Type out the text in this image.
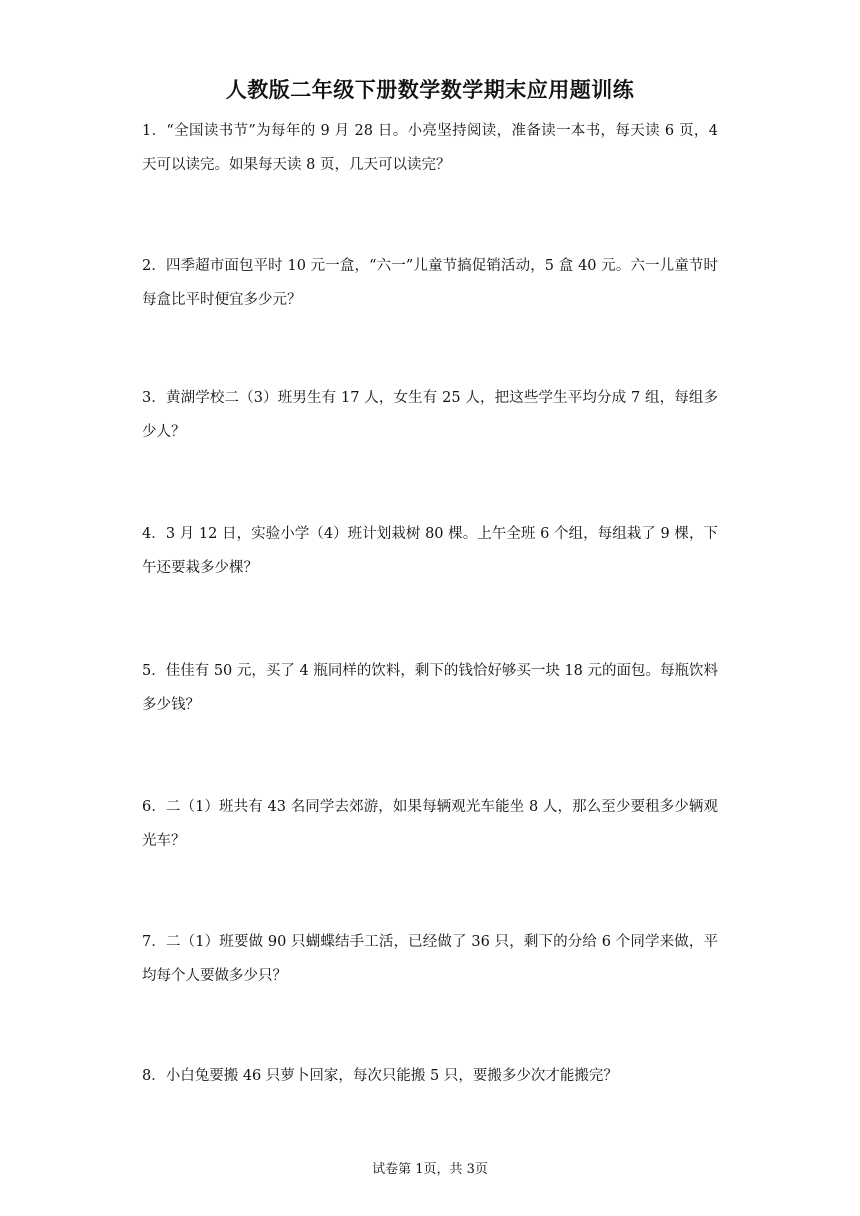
人教版二年级下册数学数学期末应用题训练
1．“全国读书节”为每年的 9 月 28 日。小亮坚持阅读，准备读一本书，每天读 6 页，4 天可以读完。如果每天读 8 页，几天可以读完？
2．四季超市面包平时 10 元一盒，“六一”儿童节搞促销活动，5 盒 40 元。六一儿童节时每盒比平时便宜多少元？
3．黄湖学校二（3）班男生有 17 人，女生有 25 人，把这些学生平均分成 7 组，每组多少人？
4．3 月 12 日，实验小学（4）班计划栽树 80 棵。上午全班 6 个组，每组栽了 9 棵，下午还要栽多少棵？
5．佳佳有 50 元，买了 4 瓶同样的饮料，剩下的钱恰好够买一块 18 元的面包。每瓶饮料多少钱？
6．二（1）班共有 43 名同学去郊游，如果每辆观光车能坐 8 人，那么至少要租多少辆观光车？
7．二（1）班要做 90 只蝴蝶结手工活，已经做了 36 只，剩下的分给 6 个同学来做，平均每个人要做多少只？
8．小白兔要搬 46 只萝卜回家，每次只能搬 5 只，要搬多少次才能搬完？
试卷第 1页，共 3页
